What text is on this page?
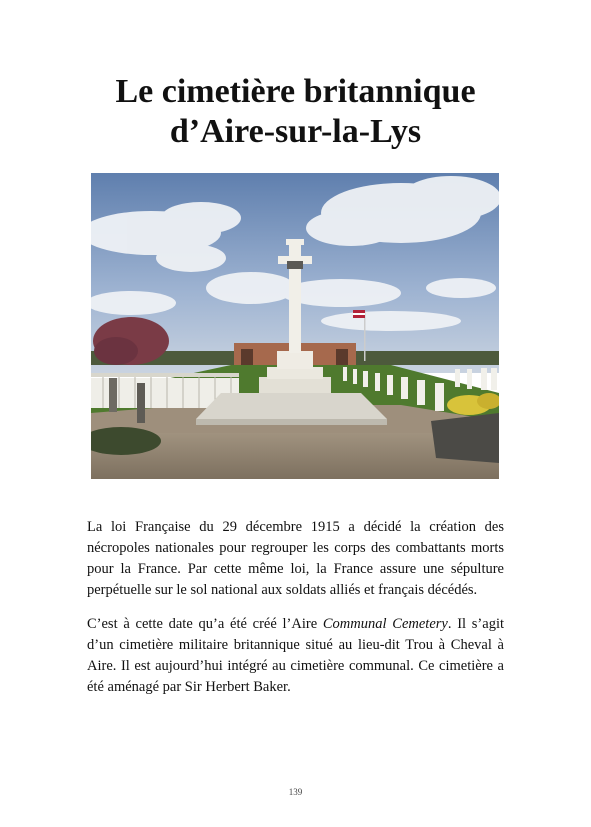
Le cimetière britannique
d’Aire-sur-la-Lys

La loi Française du 29 décembre 1915 a décidé la création des nécropoles nationales pour regrouper les corps des combattants morts pour la France. Par cette même loi, la France assure une sépulture perpétuelle sur le sol national aux soldats alliés et français décédés.

C’est à cette date qu’a été créé l’Aire Communal Cemetery. Il s’agit d’un cimetière militaire britannique situé au lieu-dit Trou à Cheval à Aire. Il est aujourd’hui intégré au cimetière communal. Ce cimetière a été aménagé par Sir Herbert Baker.

139
